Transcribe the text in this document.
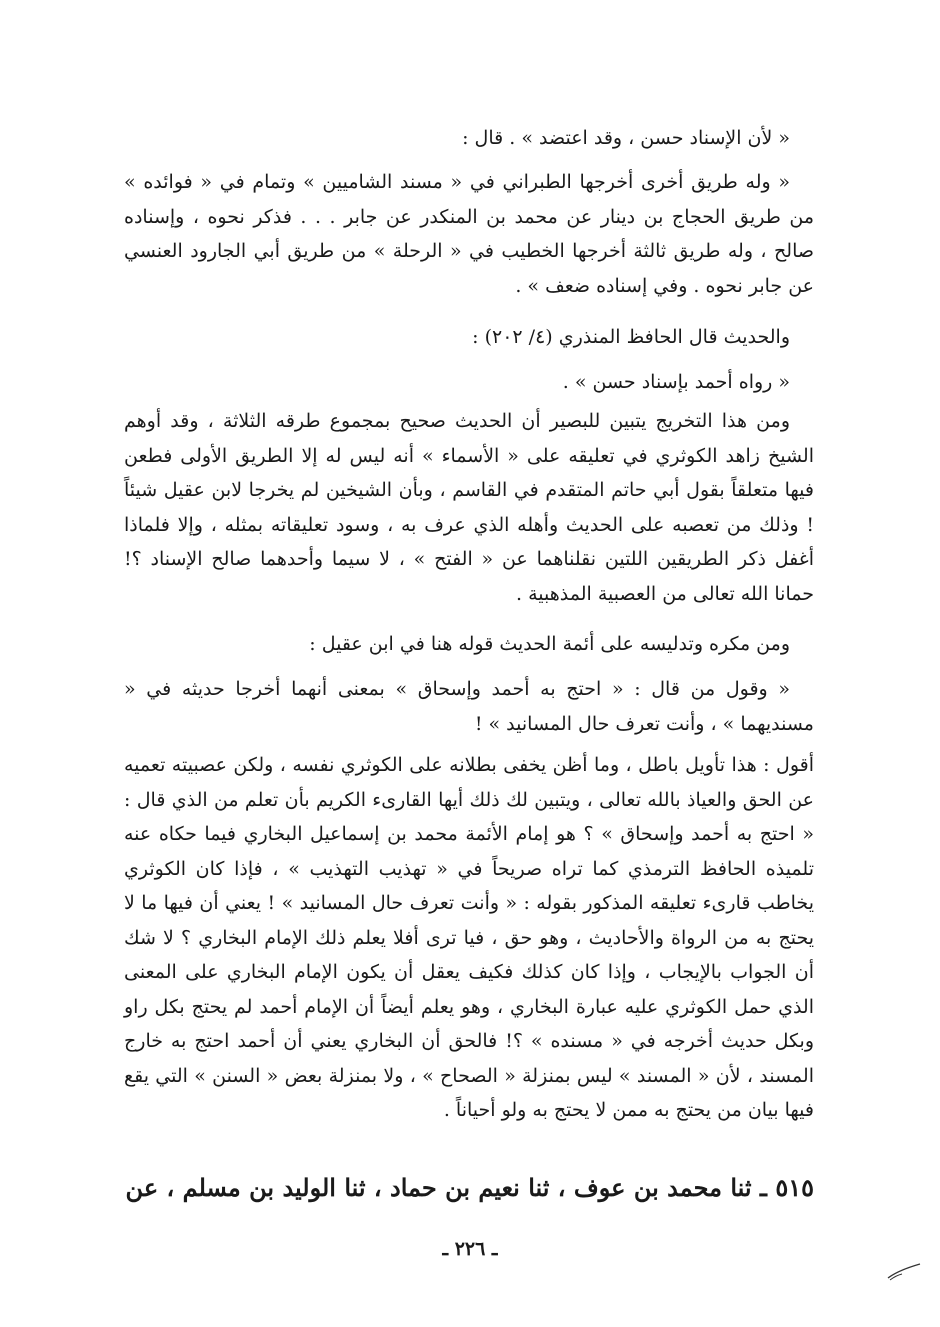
« لأن الإسناد حسن ، وقد اعتضد » . قال :

« وله طريق أخرى أخرجها الطبراني في « مسند الشاميين » وتمام في « فوائده » من طريق الحجاج بن دينار عن محمد بن المنكدر عن جابر . . . فذكر نحوه ، وإسناده صالح ، وله طريق ثالثة أخرجها الخطيب في « الرحلة » من طريق أبي الجارود العنسي عن جابر نحوه . وفي إسناده ضعف » .

والحديث قال الحافظ المنذري (٤/ ٢٠٢) :

« رواه أحمد بإسناد حسن » .

ومن هذا التخريج يتبين للبصير أن الحديث صحيح بمجموع طرقه الثلاثة ، وقد أوهم الشيخ زاهد الكوثري في تعليقه على « الأسماء » أنه ليس له إلا الطريق الأولى فطعن فيها متعلقاً بقول أبي حاتم المتقدم في القاسم ، وبأن الشيخين لم يخرجا لابن عقيل شيئاً ! وذلك من تعصبه على الحديث وأهله الذي عرف به ، وسود تعليقاته بمثله ، وإلا فلماذا أغفل ذكر الطريقين اللتين نقلناهما عن « الفتح » ، لا سيما وأحدهما صالح الإسناد ؟! حمانا الله تعالى من العصبية المذهبية .

ومن مكره وتدليسه على أئمة الحديث قوله هنا في ابن عقيل :

« وقول من قال : « احتج به أحمد وإسحاق » بمعنى أنهما أخرجا حديثه في « مسنديهما » ، وأنت تعرف حال المسانيد » !

أقول : هذا تأويل باطل ، وما أظن يخفى بطلانه على الكوثري نفسه ، ولكن عصبيته تعميه عن الحق والعياذ بالله تعالى ، ويتبين لك ذلك أيها القارىء الكريم بأن تعلم من الذي قال : « احتج به أحمد وإسحاق » ؟ هو إمام الأئمة محمد بن إسماعيل البخاري فيما حكاه عنه تلميذه الحافظ الترمذي كما تراه صريحاً في « تهذيب التهذيب » ، فإذا كان الكوثري يخاطب قارىء تعليقه المذكور بقوله : « وأنت تعرف حال المسانيد » ! يعني أن فيها ما لا يحتج به من الرواة والأحاديث ، وهو حق ، فيا ترى أفلا يعلم ذلك الإمام البخاري ؟ لا شك أن الجواب بالإيجاب ، وإذا كان كذلك فكيف يعقل أن يكون الإمام البخاري على المعنى الذي حمل الكوثري عليه عبارة البخاري ، وهو يعلم أيضاً أن الإمام أحمد لم يحتج بكل راو وبكل حديث أخرجه في « مسنده » ؟! فالحق أن البخاري يعني أن أحمد احتج به خارج المسند ، لأن « المسند » ليس بمنزلة « الصحاح » ، ولا بمنزلة بعض « السنن » التي يقع فيها بيان من يحتج به ممن لا يحتج به ولو أحياناً .

٥١٥ ـ ثنا محمد بن عوف ، ثنا نعيم بن حماد ، ثنا الوليد بن مسلم ، عن
ـ ٢٢٦ ـ
